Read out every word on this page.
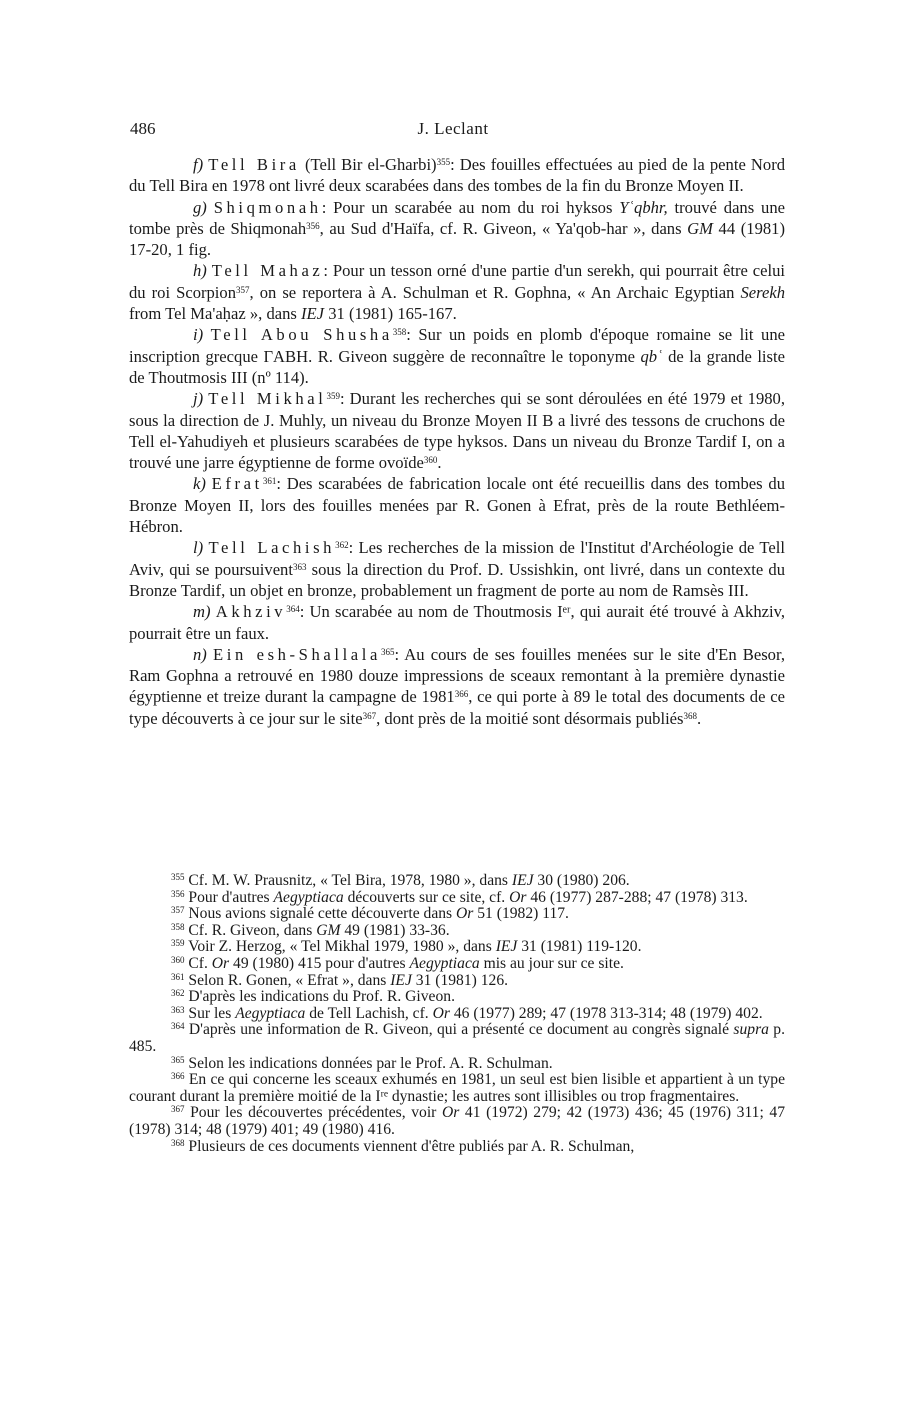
486	J. Leclant

f) Tell Bira (Tell Bir el-Gharbi)$^{355}$: Des fouilles effectuées au pied de la pente Nord du Tell Bira en 1978 ont livré deux scarabées dans des tombes de la fin du Bronze Moyen II.

g) Shiqmonah: Pour un scarabée au nom du roi hyksos Yʿqbhr, trouvé dans une tombe près de Shiqmonah$^{356}$, au Sud d'Haïfa, cf. R. Giveon, « Ya'qob-har », dans GM 44 (1981) 17-20, 1 fig.

h) Tell Mahaz: Pour un tesson orné d'une partie d'un serekh, qui pourrait être celui du roi Scorpion$^{357}$, on se reportera à A. Schulman et R. Gophna, « An Archaic Egyptian Serekh from Tel Ma'aḥaz », dans IEJ 31 (1981) 165-167.

i) Tell Abou Shusha$^{358}$: Sur un poids en plomb d'époque romaine se lit une inscription grecque ΓABH. R. Giveon suggère de reconnaître le toponyme qbʿ de la grande liste de Thoutmosis III (nº 114).

j) Tell Mikhal$^{359}$: Durant les recherches qui se sont déroulées en été 1979 et 1980, sous la direction de J. Muhly, un niveau du Bronze Moyen II B a livré des tessons de cruchons de Tell el-Yahudiyeh et plusieurs scarabées de type hyksos. Dans un niveau du Bronze Tardif I, on a trouvé une jarre égyptienne de forme ovoïde$^{360}$.

k) Efrat$^{361}$: Des scarabées de fabrication locale ont été recueillis dans des tombes du Bronze Moyen II, lors des fouilles menées par R. Gonen à Efrat, près de la route Bethléem-Hébron.

l) Tell Lachish$^{362}$: Les recherches de la mission de l'Institut d'Archéologie de Tell Aviv, qui se poursuivent$^{363}$ sous la direction du Prof. D. Ussishkin, ont livré, dans un contexte du Bronze Tardif, un objet en bronze, probablement un fragment de porte au nom de Ramsès III.

m) Akhziv$^{364}$: Un scarabée au nom de Thoutmosis Iᵉʳ, qui aurait été trouvé à Akhziv, pourrait être un faux.

n) Ein esh-Shallala$^{365}$: Au cours de ses fouilles menées sur le site d'En Besor, Ram Gophna a retrouvé en 1980 douze impressions de sceaux remontant à la première dynastie égyptienne et treize durant la campagne de 1981$^{366}$, ce qui porte à 89 le total des documents de ce type découverts à ce jour sur le site$^{367}$, dont près de la moitié sont désormais publiés$^{368}$.

$^{355}$ Cf. M. W. Prausnitz, « Tel Bira, 1978, 1980 », dans IEJ 30 (1980) 206.

$^{356}$ Pour d'autres Aegyptiaca découverts sur ce site, cf. Or 46 (1977) 287-288; 47 (1978) 313.

$^{357}$ Nous avions signalé cette découverte dans Or 51 (1982) 117.

$^{358}$ Cf. R. Giveon, dans GM 49 (1981) 33-36.

$^{359}$ Voir Z. Herzog, « Tel Mikhal 1979, 1980 », dans IEJ 31 (1981) 119-120.

$^{360}$ Cf. Or 49 (1980) 415 pour d'autres Aegyptiaca mis au jour sur ce site.

$^{361}$ Selon R. Gonen, « Efrat », dans IEJ 31 (1981) 126.

$^{362}$ D'après les indications du Prof. R. Giveon.

$^{363}$ Sur les Aegyptiaca de Tell Lachish, cf. Or 46 (1977) 289; 47 (1978 313-314; 48 (1979) 402.

$^{364}$ D'après une information de R. Giveon, qui a présenté ce document au congrès signalé supra p. 485.

$^{365}$ Selon les indications données par le Prof. A. R. Schulman.

$^{366}$ En ce qui concerne les sceaux exhumés en 1981, un seul est bien lisible et appartient à un type courant durant la première moitié de la Iʳᵉ dynastie; les autres sont illisibles ou trop fragmentaires.

$^{367}$ Pour les découvertes précédentes, voir Or 41 (1972) 279; 42 (1973) 436; 45 (1976) 311; 47 (1978) 314; 48 (1979) 401; 49 (1980) 416.

$^{368}$ Plusieurs de ces documents viennent d'être publiés par A. R. Schulman,
